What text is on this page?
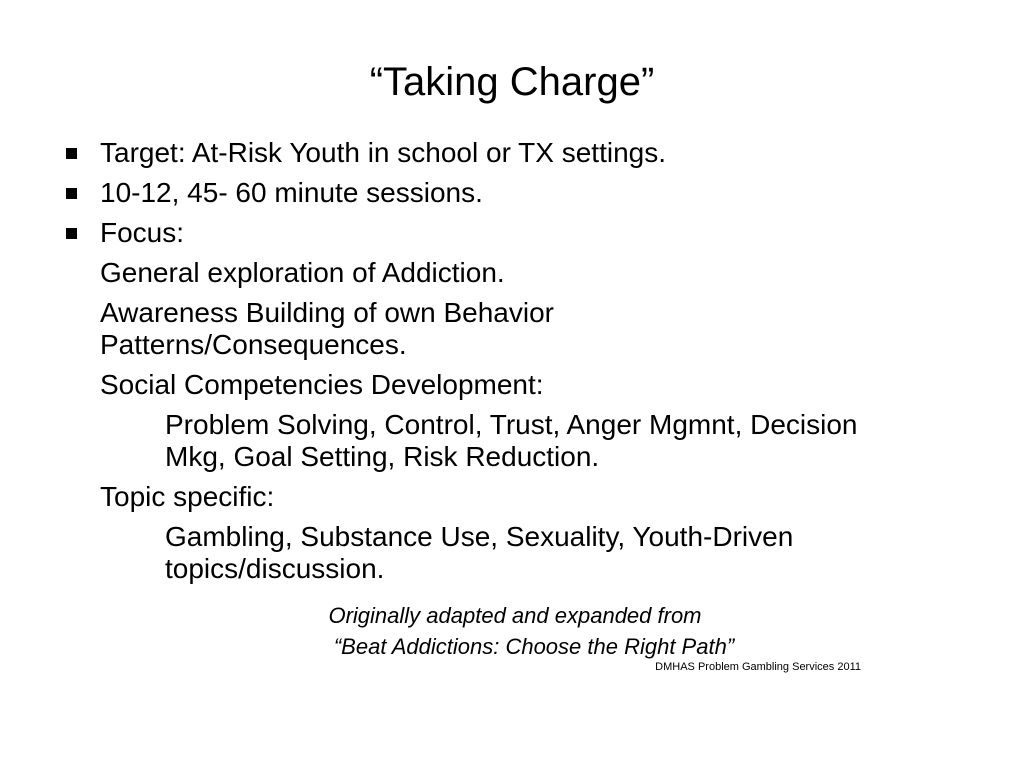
“Taking Charge”
Target: At-Risk Youth in school or TX settings.
10-12, 45- 60 minute sessions.
Focus:
General exploration of Addiction.
Awareness Building of own Behavior Patterns/Consequences.
Social Competencies Development:
Problem Solving, Control, Trust, Anger Mgmnt, Decision Mkg, Goal Setting, Risk Reduction.
Topic specific:
Gambling, Substance Use, Sexuality, Youth-Driven topics/discussion.
Originally adapted and expanded from
“Beat Addictions: Choose the Right Path”
DMHAS Problem Gambling Services 2011
